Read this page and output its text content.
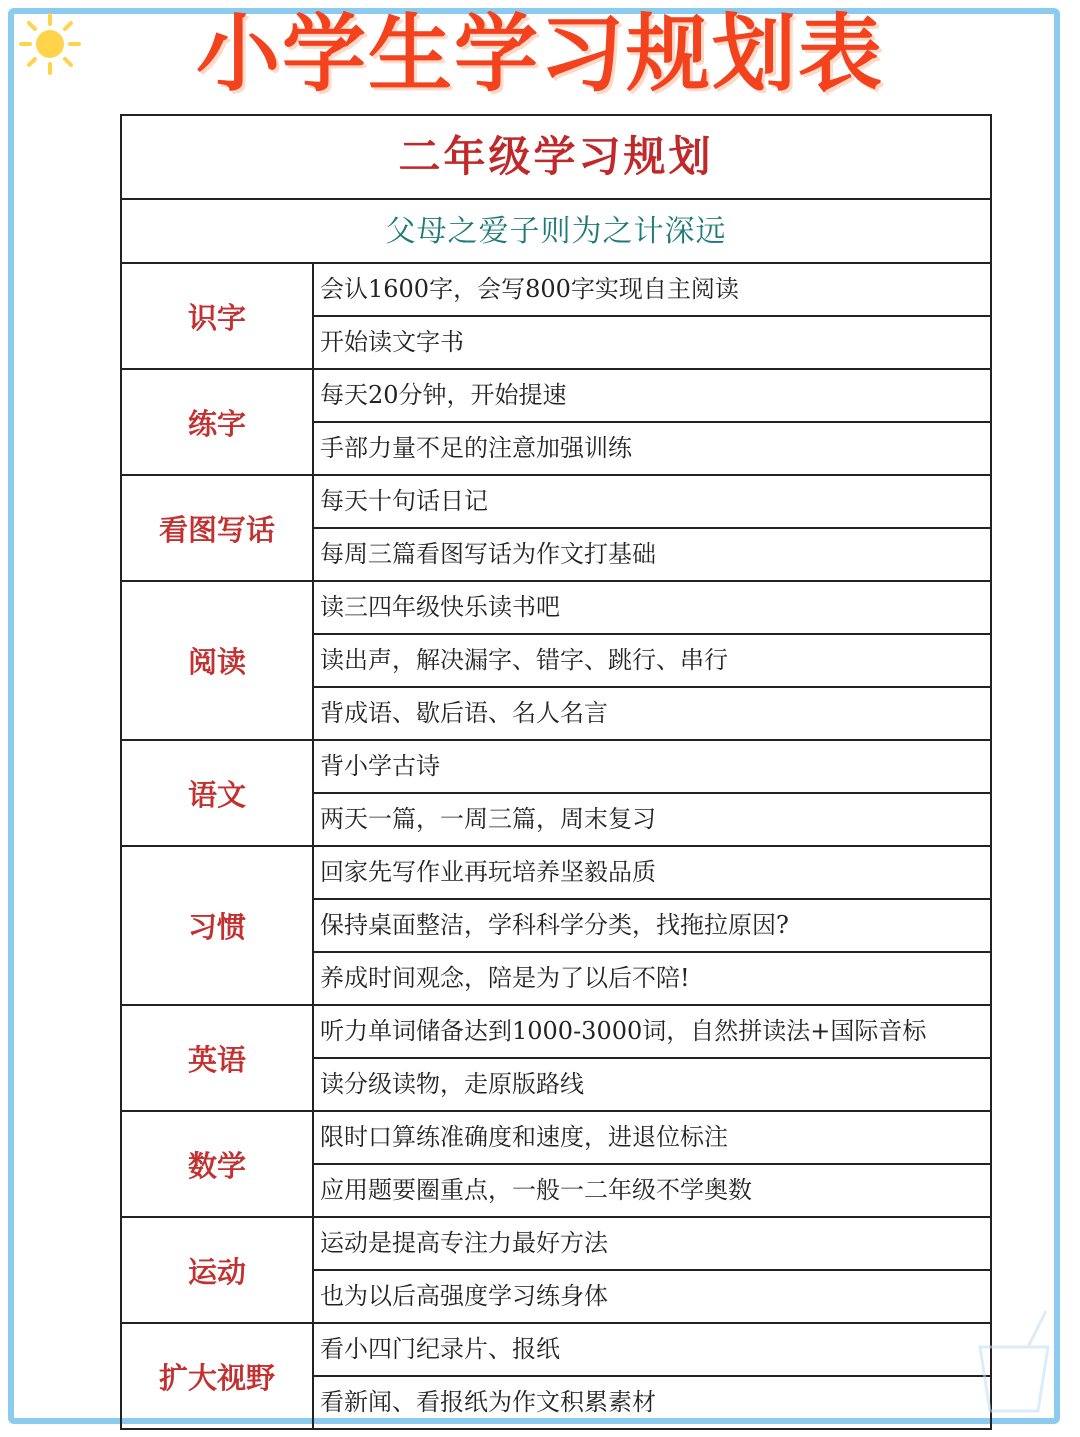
小学生学习规划表
二年级学习规划
父母之爱子则为之计深远
识字
会认1600字，会写800字实现自主阅读
开始读文字书
练字
每天20分钟，开始提速
手部力量不足的注意加强训练
看图写话
每天十句话日记
每周三篇看图写话为作文打基础
阅读
读三四年级快乐读书吧
读出声，解决漏字、错字、跳行、串行
背成语、歇后语、名人名言
语文
背小学古诗
两天一篇，一周三篇，周末复习
习惯
回家先写作业再玩培养坚毅品质
保持桌面整洁，学科科学分类，找拖拉原因?
养成时间观念，陪是为了以后不陪!
英语
听力单词储备达到1000-3000词，自然拼读法+国际音标
读分级读物，走原版路线
数学
限时口算练准确度和速度，进退位标注
应用题要圈重点，一般一二年级不学奥数
运动
运动是提高专注力最好方法
也为以后高强度学习练身体
扩大视野
看小四门纪录片、报纸
看新闻、看报纸为作文积累素材
